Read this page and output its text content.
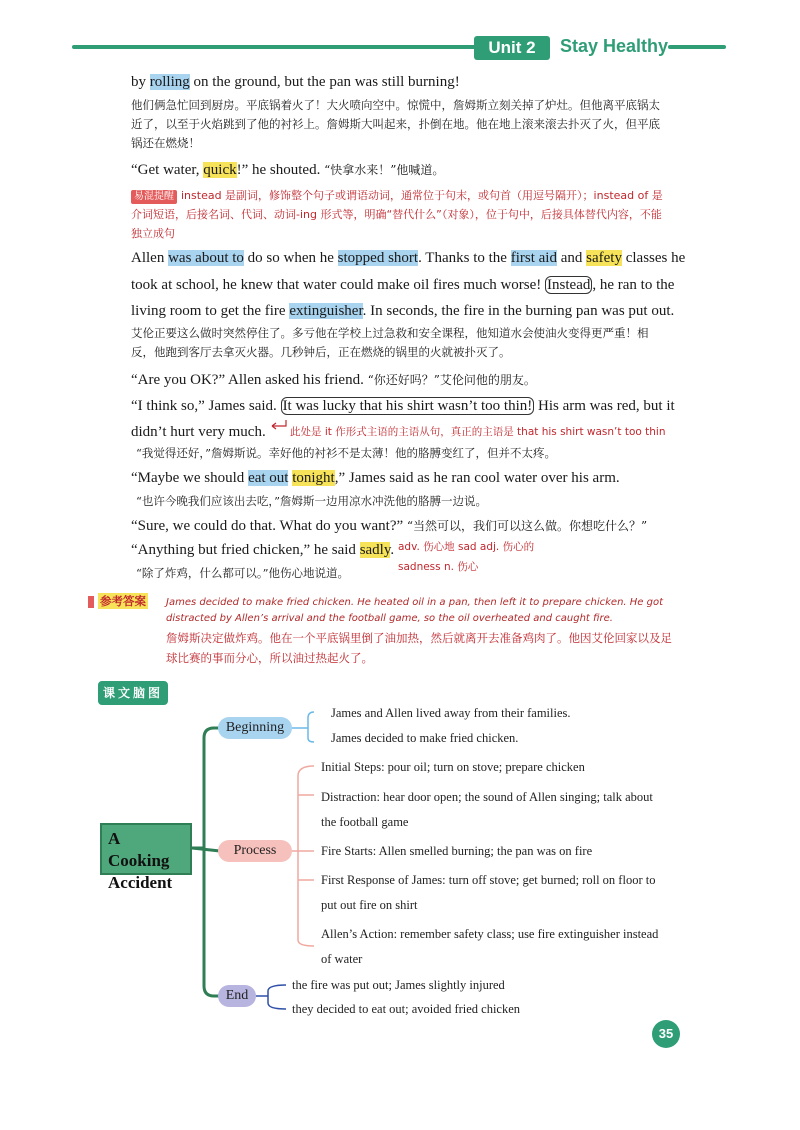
Unit 2	Stay Healthy
by rolling on the ground, but the pan was still burning!
他们俩急忙回到厨房。平底锅着火了！大火喷向空中。惊慌中，詹姆斯立刻关掉了炉灶。但他离平底锅太近了，以至于火焰跳到了他的衬衫上。詹姆斯大叫起来，扑倒在地。他在地上滚来滚去扑灭了火，但平底锅还在燃烧！
“Get water, quick!” he shouted. “快拿水来！”他喊道。
易混提醒 instead 是副词，修饰整个句子或谓语动词，通常位于句末，或句首（用逗号隔开）；instead of 是介词短语，后接名词、代词、动词-ing 形式等，明确“替代什么”（对象），位于句中，后接具体替代内容，不能独立成句
Allen was about to do so when he stopped short. Thanks to the first aid and safety classes he
took at school, he knew that water could make oil fires much worse! Instead , he ran to the
living room to get the fire extinguisher. In seconds, the fire in the burning pan was put out.
艾伦正要这么做时突然停住了。多亏他在学校上过急救和安全课程，他知道水会使油火变得更严重！相反，他跑到客厅去拿灭火器。几秒钟后，正在燃烧的锅里的火就被扑灭了。
“Are you OK?” Allen asked his friend. “你还好吗？”艾伦问他的朋友。
“I think so,” James said. It was lucky that his shirt wasn’t too thin! His arm was red, but it
didn’t hurt very much. 此处是 it 作形式主语的主语从句，真正的主语是 that his shirt wasn’t too thin
“我觉得还好，”詹姆斯说。幸好他的衬衫不是太薄！他的胳膊变红了，但并不太疼。
“Maybe we should eat out tonight,” James said as he ran cool water over his arm.
“也许今晚我们应该出去吃，”詹姆斯一边用凉水冲洗他的胳膊一边说。
“Sure, we could do that. What do you want?” “当然可以，我们可以这么做。你想吃什么？”
“Anything but fried chicken,” he said sadly. adv. 伤心地 sad adj. 伤心的
sadness n. 伤心
“除了炸鸡，什么都可以。”他伤心地说道。
参考答案 James decided to make fried chicken. He heated oil in a pan, then left it to prepare chicken. He got distracted by Allen’s arrival and the football game, so the oil overheated and caught fire.
詹姆斯决定做炸鸡。他在一个平底锅里倒了油加热，然后就离开去准备鸡肉了。他因艾伦回家以及足球比赛的事而分心，所以油过热起火了。
课文脑图
A Cooking
Accident
Beginning
Process
End
James and Allen lived away from their families.
James decided to make fried chicken.
Initial Steps: pour oil; turn on stove; prepare chicken
Distraction: hear door open; the sound of Allen singing; talk about
the football game
Fire Starts: Allen smelled burning; the pan was on fire
First Response of James: turn off stove; get burned; roll on floor to
put out fire on shirt
Allen’s Action: remember safety class; use fire extinguisher instead
of water
the fire was put out; James slightly injured
they decided to eat out; avoided fried chicken
35
